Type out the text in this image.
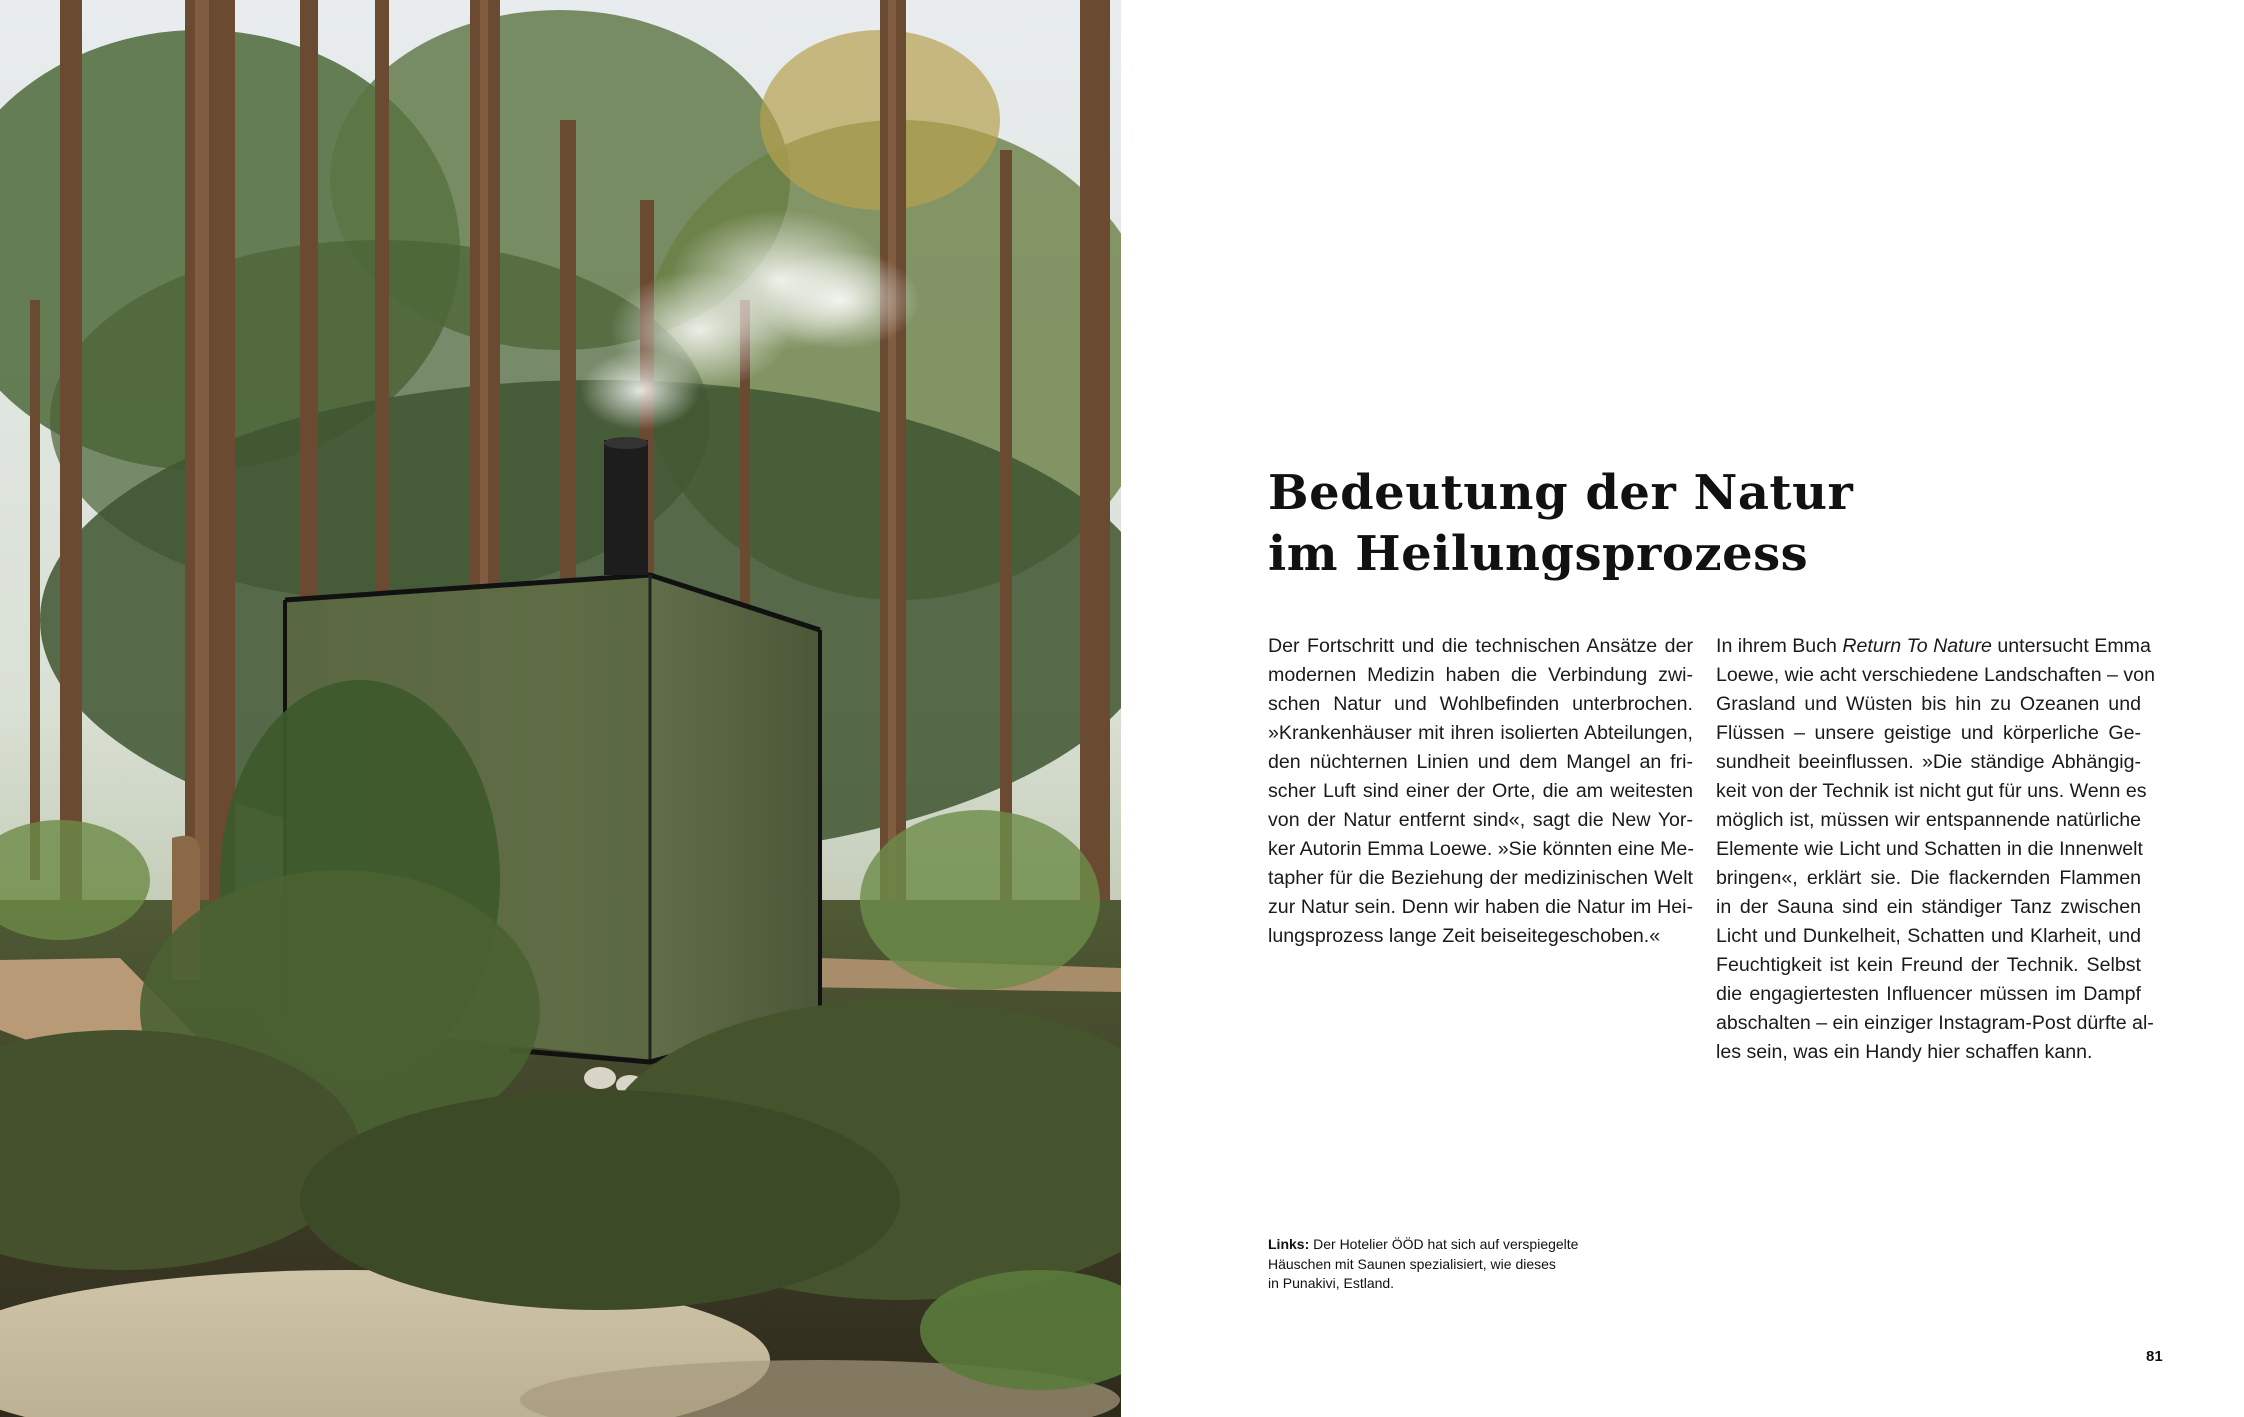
Bedeutung der Natur
im Heilungsprozess
Der Fortschritt und die technischen Ansätze der
modernen Medizin haben die Verbindung zwi-
schen Natur und Wohlbefinden unterbrochen.
»Krankenhäuser mit ihren isolierten Abteilungen,
den nüchternen Linien und dem Mangel an fri-
scher Luft sind einer der Orte, die am weitesten
von der Natur entfernt sind«, sagt die New Yor-
ker Autorin Emma Loewe. »Sie könnten eine Me-
tapher für die Beziehung der medizinischen Welt
zur Natur sein. Denn wir haben die Natur im Hei-
lungsprozess lange Zeit beiseitegeschoben.«
In ihrem Buch Return To Nature untersucht Emma
Loewe, wie acht verschiedene Landschaften – von
Grasland und Wüsten bis hin zu Ozeanen und
Flüssen – unsere geistige und körperliche Ge-
sundheit beeinflussen. »Die ständige Abhängig-
keit von der Technik ist nicht gut für uns. Wenn es
möglich ist, müssen wir entspannende natürliche
Elemente wie Licht und Schatten in die Innenwelt
bringen«, erklärt sie. Die flackernden Flammen
in der Sauna sind ein ständiger Tanz zwischen
Licht und Dunkelheit, Schatten und Klarheit, und
Feuchtigkeit ist kein Freund der Technik. Selbst
die engagiertesten Influencer müssen im Dampf
abschalten – ein einziger Instagram-Post dürfte al-
les sein, was ein Handy hier schaffen kann.
Links: Der Hotelier ÖÖD hat sich auf verspiegelte
Häuschen mit Saunen spezialisiert, wie dieses
in Punakivi, Estland.
81
